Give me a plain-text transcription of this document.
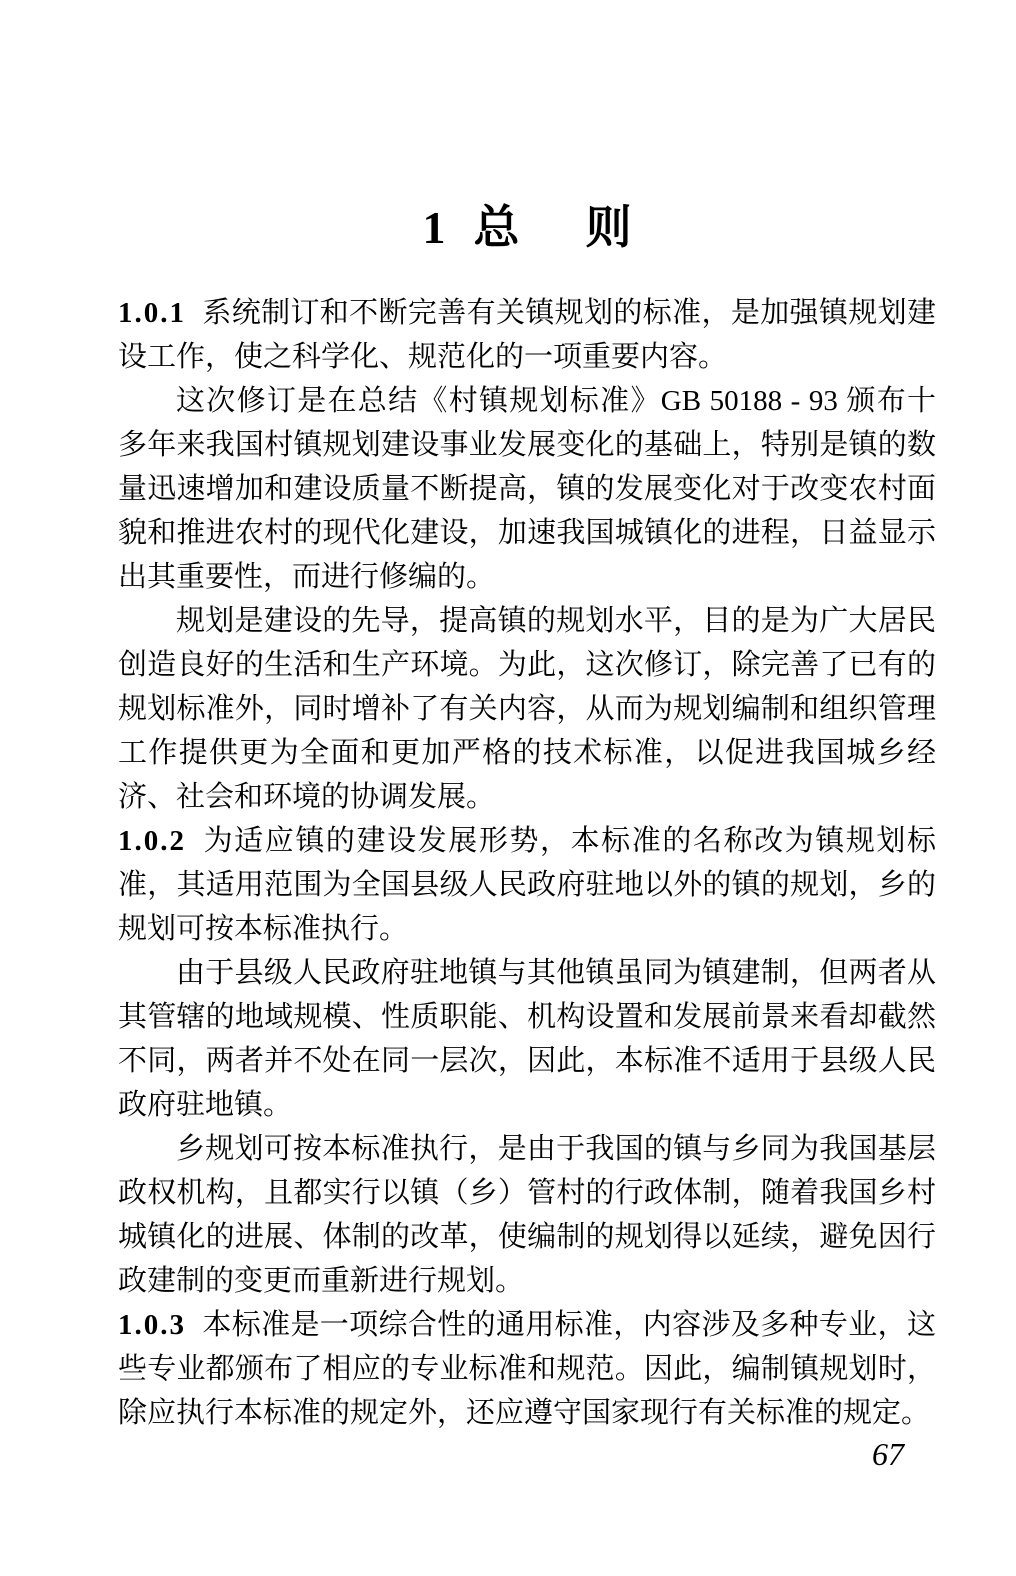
1 总 则

1.0.1 系统制订和不断完善有关镇规划的标准，是加强镇规划建设工作，使之科学化、规范化的一项重要内容。

这次修订是在总结《村镇规划标准》GB 50188 - 93 颁布十多年来我国村镇规划建设事业发展变化的基础上，特别是镇的数量迅速增加和建设质量不断提高，镇的发展变化对于改变农村面貌和推进农村的现代化建设，加速我国城镇化的进程，日益显示出其重要性，而进行修编的。

规划是建设的先导，提高镇的规划水平，目的是为广大居民创造良好的生活和生产环境。为此，这次修订，除完善了已有的规划标准外，同时增补了有关内容，从而为规划编制和组织管理工作提供更为全面和更加严格的技术标准，以促进我国城乡经济、社会和环境的协调发展。

1.0.2 为适应镇的建设发展形势，本标准的名称改为镇规划标准，其适用范围为全国县级人民政府驻地以外的镇的规划，乡的规划可按本标准执行。

由于县级人民政府驻地镇与其他镇虽同为镇建制，但两者从其管辖的地域规模、性质职能、机构设置和发展前景来看却截然不同，两者并不处在同一层次，因此，本标准不适用于县级人民政府驻地镇。

乡规划可按本标准执行，是由于我国的镇与乡同为我国基层政权机构，且都实行以镇（乡）管村的行政体制，随着我国乡村城镇化的进展、体制的改革，使编制的规划得以延续，避免因行政建制的变更而重新进行规划。

1.0.3 本标准是一项综合性的通用标准，内容涉及多种专业，这些专业都颁布了相应的专业标准和规范。因此，编制镇规划时，除应执行本标准的规定外，还应遵守国家现行有关标准的规定。

67
